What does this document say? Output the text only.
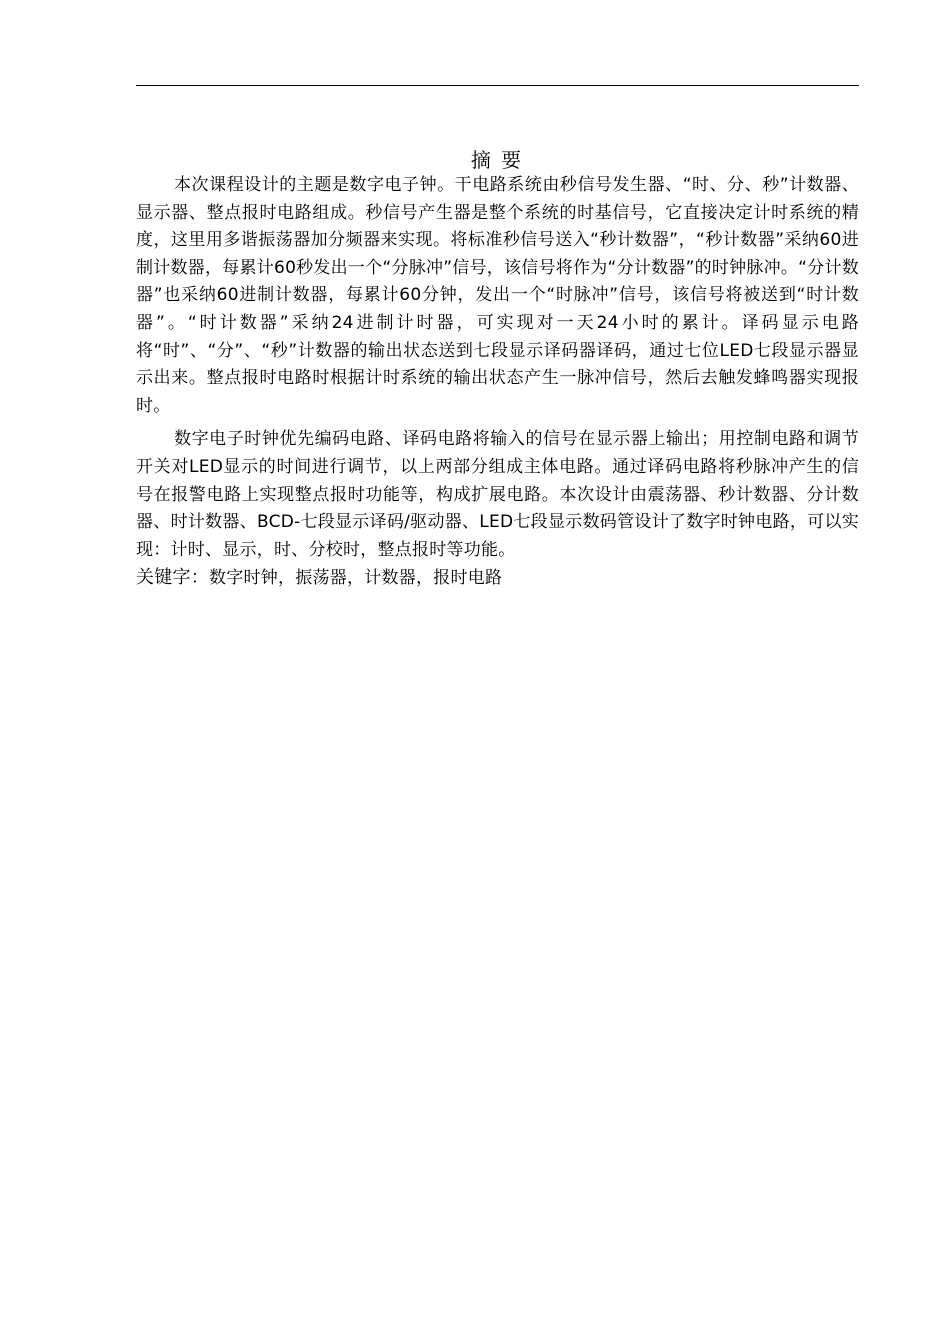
摘 要

本次课程设计的主题是数字电子钟。干电路系统由秒信号发生器、“时、分、秒”计数器、显示器、整点报时电路组成。秒信号产生器是整个系统的时基信号，它直接决定计时系统的精度，这里用多谐振荡器加分频器来实现。将标准秒信号送入“秒计数器”，“秒计数器”采纳60进制计数器，每累计60秒发出一个“分脉冲”信号，该信号将作为“分计数器”的时钟脉冲。“分计数器”也采纳60进制计数器，每累计60分钟，发出一个“时脉冲”信号，该信号将被送到“时计数器”。“时计数器”采纳24进制计时器，可实现对一天24小时的累计。译码显示电路将“时”、“分”、“秒”计数器的输出状态送到七段显示译码器译码，通过七位LED七段显示器显示出来。整点报时电路时根据计时系统的输出状态产生一脉冲信号，然后去触发蜂鸣器实现报时。

数字电子时钟优先编码电路、译码电路将输入的信号在显示器上输出；用控制电路和调节开关对LED显示的时间进行调节，以上两部分组成主体电路。通过译码电路将秒脉冲产生的信号在报警电路上实现整点报时功能等，构成扩展电路。本次设计由震荡器、秒计数器、分计数器、时计数器、BCD-七段显示译码/驱动器、LED七段显示数码管设计了数字时钟电路，可以实现：计时、显示，时、分校时，整点报时等功能。

关键字：数字时钟，振荡器，计数器，报时电路
